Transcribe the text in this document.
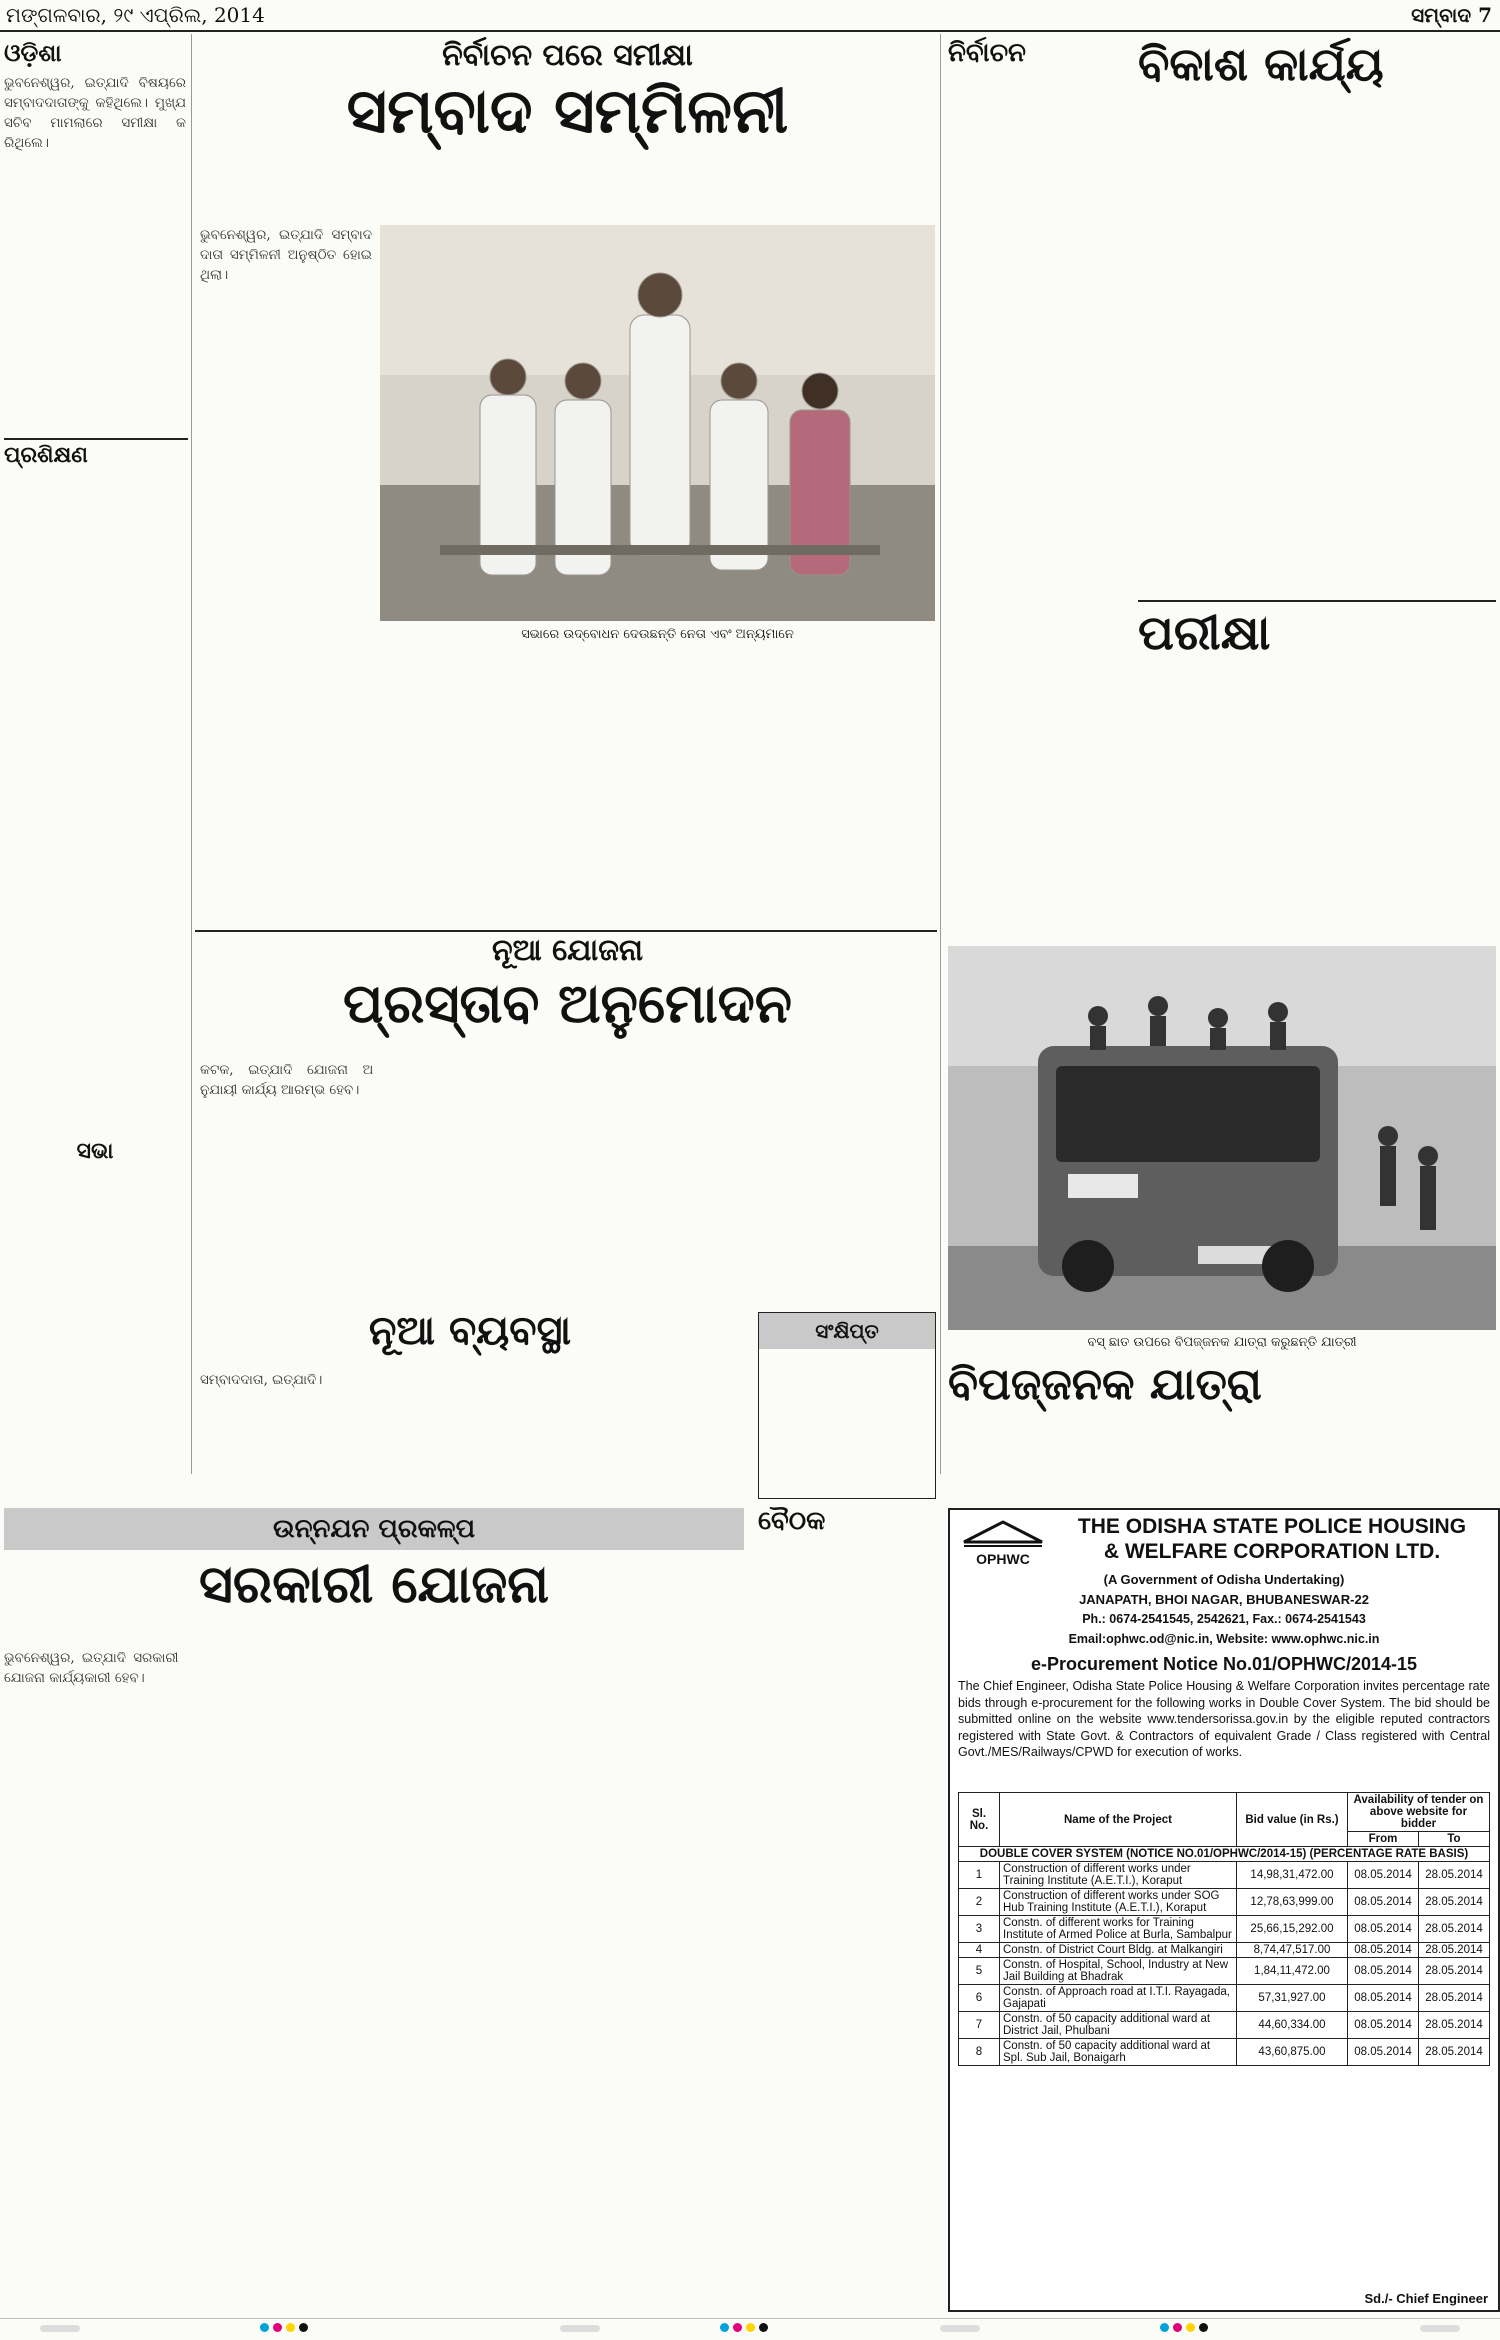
ମଙ୍ଗଳବାର, ୨୯ ଏପ୍ରିଲ, 2014	ସମ୍ବାଦ 7
ଓଡ଼ିଶା

ଭୁବନେଶ୍ୱର, ଇତ୍ଯାଦି ବିଷୟରେ ସମ୍ବାଦଦାତାଙ୍କୁ କହିଥିଲେ। ମୁଖ୍ଯ ସଚିବ ମାମଲାରେ ସମୀକ୍ଷା କରିଥିଲେ।

ପ୍ରଶିକ୍ଷଣ
ସଭା
ନିର୍ବାଚନ ପରେ ସମୀକ୍ଷା
ସମ୍ବାଦ ସମ୍ମିଳନୀ
ସଭାରେ ଉଦ୍‌ବୋଧନ ଦେଉଛନ୍ତି ନେତା ଏବଂ ଅନ୍ୟମାନେ

ଭୁବନେଶ୍ୱର, ଇତ୍ଯାଦି ସମ୍ବାଦଦାତା ସମ୍ମିଳନୀ ଅନୁଷ୍ଠିତ ହୋଇଥିଲା।

ନୂଆ ଯୋଜନା
ପ୍ରସ୍ତାବ ଅନୁମୋଦନ

କଟକ, ଇତ୍ଯାଦି ଯୋଜନା ଅନୁଯାୟୀ କାର୍ଯ୍ୟ ଆରମ୍ଭ ହେବ।

ନୂଆ ବ୍ୟବସ୍ଥା

ସମ୍ବାଦଦାତା, ଇତ୍ଯାଦି।

ସଂକ୍ଷିପ୍ତ
ନିର୍ବାଚନ	ବିକାଶ କାର୍ଯ୍ୟ
ପରୀକ୍ଷା
ବସ୍ ଛାତ ଉପରେ ବିପଜ୍ଜନକ ଯାତ୍ରା କରୁଛନ୍ତି ଯାତ୍ରୀ
ବିପଜ୍ଜନକ ଯାତ୍ରା
ଉନ୍ନଯନ ପ୍ରକଳ୍ପ
ସରକାରୀ ଯୋଜନା

ଭୁବନେଶ୍ୱର, ଇତ୍ଯାଦି ସରକାରୀ ଯୋଜନା କାର୍ଯ୍ୟକାରୀ ହେବ।

ବୈଠକ
OPHWC
THE ODISHA STATE POLICE HOUSING
& WELFARE CORPORATION LTD.
(A Government of Odisha Undertaking)
JANAPATH, BHOI NAGAR, BHUBANESWAR-22
Ph.: 0674-2541545, 2542621, Fax.: 0674-2541543
Email:ophwc.od@nic.in, Website: www.ophwc.nic.in
e-Procurement Notice No.01/OPHWC/2014-15
The Chief Engineer, Odisha State Police Housing & Welfare Corporation invites percentage rate bids through e-procurement for the following works in Double Cover System. The bid should be submitted online on the website www.tendersorissa.gov.in by the eligible reputed contractors registered with State Govt. & Contractors of equivalent Grade / Class registered with Central Govt./MES/Railways/CPWD for execution of works.
Sl. No.	Name of the Project	Bid value (in Rs.)	Availability of tender on above website for bidder	
			From	To
DOUBLE COVER SYSTEM (NOTICE NO.01/OPHWC/2014-15) (PERCENTAGE RATE BASIS)				
1	Construction of different works under Training Institute (A.E.T.I.), Koraput	14,98,31,472.00	08.05.2014	28.05.2014
2	Construction of different works under SOG Hub Training Institute (A.E.T.I.), Koraput	12,78,63,999.00	08.05.2014	28.05.2014
3	Constn. of different works for Training Institute of Armed Police at Burla, Sambalpur	25,66,15,292.00	08.05.2014	28.05.2014
4	Constn. of District Court Bldg. at Malkangiri	8,74,47,517.00	08.05.2014	28.05.2014
5	Constn. of Hospital, School, Industry at New Jail Building at Bhadrak	1,84,11,472.00	08.05.2014	28.05.2014
6	Constn. of Approach road at I.T.I. Rayagada, Gajapati	57,31,927.00	08.05.2014	28.05.2014
7	Constn. of 50 capacity additional ward at District Jail, Phulbani	44,60,334.00	08.05.2014	28.05.2014
8	Constn. of 50 capacity additional ward at Spl. Sub Jail, Bonaigarh	43,60,875.00	08.05.2014	28.05.2014
Sd./- Chief Engineer
